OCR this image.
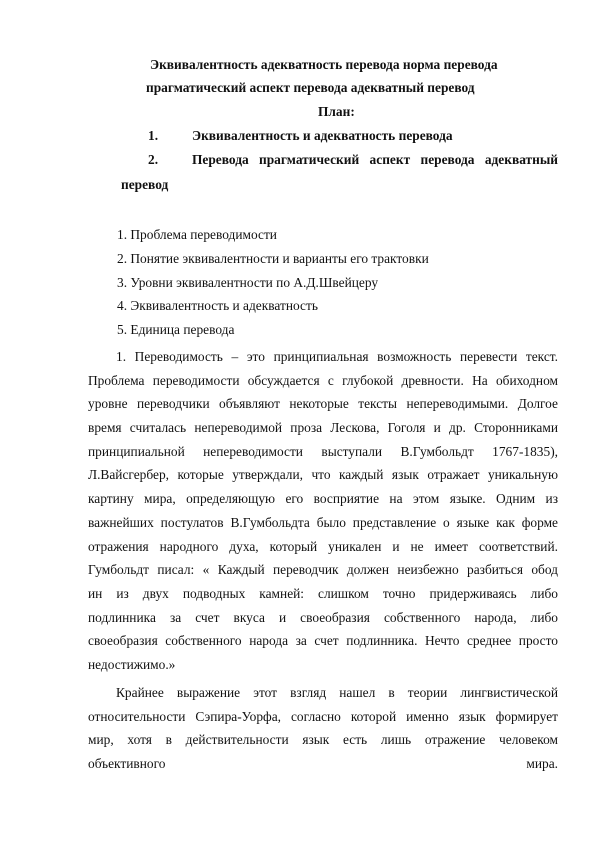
Эквивалентность адекватность перевода норма перевода
прагматический аспект перевода адекватный перевод
План:
1.	Эквивалентность и адекватность перевода
2.	Перевода прагматический аспект перевода адекватный
перевод
1. Проблема переводимости
2. Понятие эквивалентности и варианты его трактовки
3. Уровни эквивалентности по А.Д.Швейцеру
4. Эквивалентность и адекватность
5. Единица перевода
1. Переводимость – это принципиальная возможность перевести текст.
Проблема переводимости обсуждается с глубокой древности. На обиходном
уровне переводчики объявляют некоторые тексты непереводимыми. Долгое
время считалась непереводимой проза Лескова, Гоголя и др. Сторонниками
принципиальной непереводимости выступали В.Гумбольдт 1767-1835),
Л.Вайсгербер, которые утверждали, что каждый язык отражает уникальную
картину мира, определяющую его восприятие на этом языке. Одним из
важнейших постулатов В.Гумбольдта было представление о языке как форме
отражения народного духа, который уникален и не имеет соответствий.
Гумбольдт писал: « Каждый переводчик должен неизбежно разбиться обод
ин из двух подводных камней: слишком точно придерживаясь либо
подлинника за счет вкуса и своеобразия собственного народа, либо
своеобразия собственного народа за счет подлинника. Нечто среднее просто
недостижимо.»
Крайнее выражение этот взгляд нашел в теории лингвистической
относительности Сэпира-Уорфа, согласно которой именно язык формирует
мир, хотя в действительности язык есть лишь отражение человеком
объективного мира.
